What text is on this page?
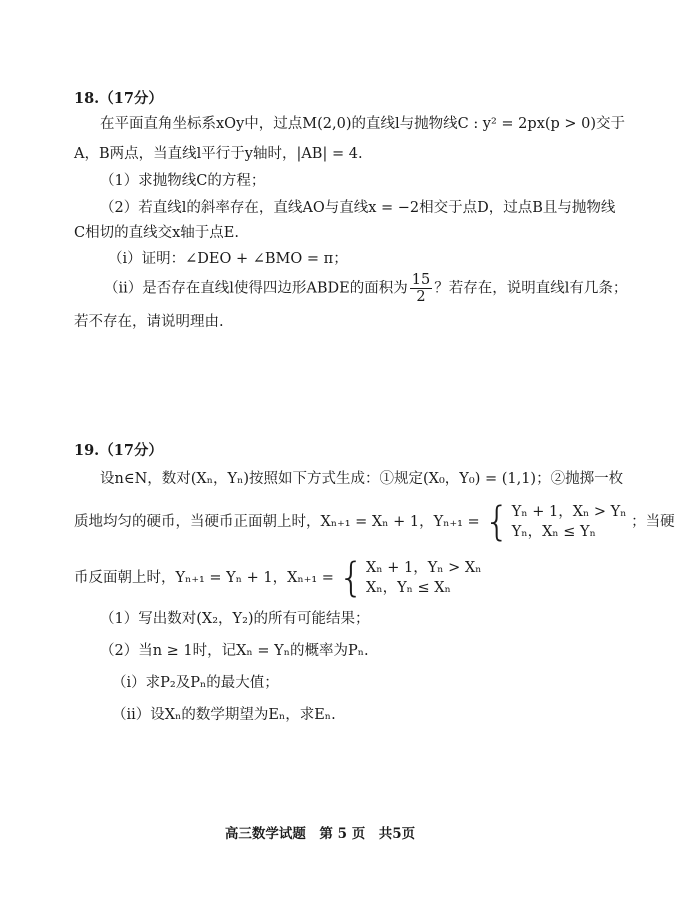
18.（17分）
在平面直角坐标系xOy中，过点M(2,0)的直线l与抛物线C : y² = 2px(p > 0)交于
A，B两点，当直线l平行于y轴时，|AB| = 4.
（1）求抛物线C的方程；
（2）若直线l的斜率存在，直线AO与直线x = −2相交于点D，过点B且与抛物线
C相切的直线交x轴于点E.
（i）证明：∠DEO + ∠BMO = π；
（ii）是否存在直线l使得四边形ABDE的面积为 $\frac{15}{2}$ ？若存在，说明直线l有几条；
若不存在，请说明理由.
19.（17分）
设n∈N，数对(Xₙ，Yₙ)按照如下方式生成：①规定(X₀，Y₀) = (1,1)；②抛掷一枚
质地均匀的硬币，当硬币正面朝上时，Xₙ₊₁ = Xₙ + 1，Yₙ₊₁ = { Yₙ + 1，Xₙ > Yₙ
Yₙ，Xₙ ≤ Yₙ
；当硬
币反面朝上时，Yₙ₊₁ = Yₙ + 1，Xₙ₊₁ = { Xₙ + 1，Yₙ > Xₙ
Xₙ，Yₙ ≤ Xₙ
（1）写出数对(X₂，Y₂)的所有可能结果；
（2）当n ≥ 1时，记Xₙ = Yₙ的概率为Pₙ.
（i）求P₂及Pₙ的最大值；
（ii）设Xₙ的数学期望为Eₙ，求Eₙ.
高三数学试题　第 5 页　共5页
